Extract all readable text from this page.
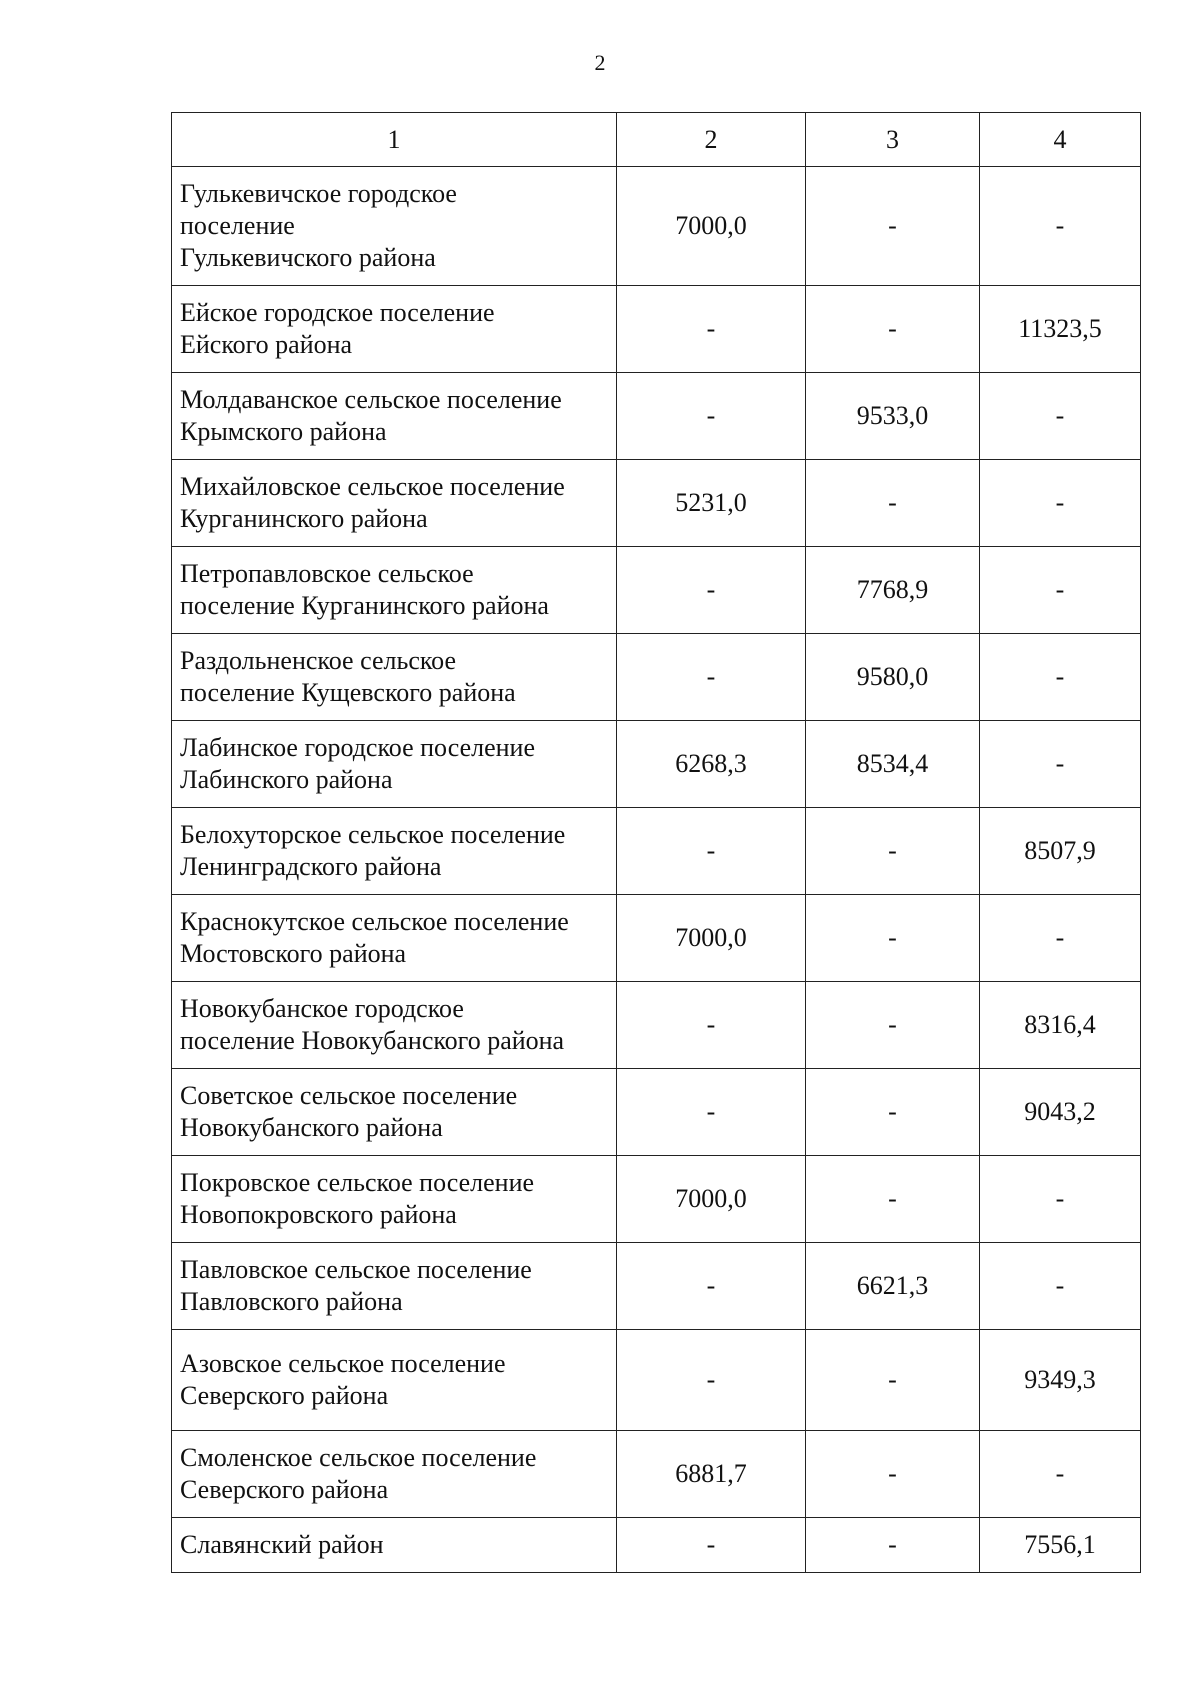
2
1	2	3	4

Гулькевичское городское
поселение
Гулькевичского района	7000,0	-	-

Ейское городское поселение
Ейского района	-	-	11323,5

Молдаванское сельское поселение
Крымского района	-	9533,0	-

Михайловское сельское поселение
Курганинского района	5231,0	-	-

Петропавловское сельское
поселение Курганинского района	-	7768,9	-

Раздольненское сельское
поселение Кущевского района	-	9580,0	-

Лабинское городское поселение
Лабинского района	6268,3	8534,4	-

Белохуторское сельское поселение
Ленинградского района	-	-	8507,9

Краснокутское сельское поселение
Мостовского района	7000,0	-	-

Новокубанское городское
поселение Новокубанского района	-	-	8316,4

Советское сельское поселение
Новокубанского района	-	-	9043,2

Покровское сельское поселение
Новопокровского района	7000,0	-	-

Павловское сельское поселение
Павловского района	-	6621,3	-

Азовское сельское поселение
Северского района	-	-	9349,3

Смоленское сельское поселение
Северского района	6881,7	-	-

Славянский район	-	-	7556,1
